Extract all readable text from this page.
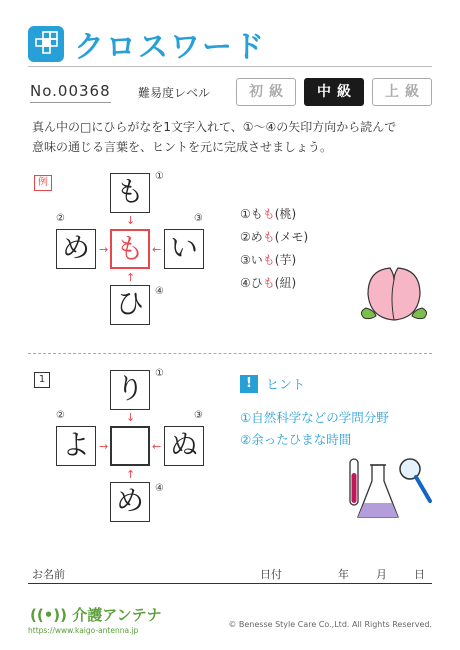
クロスワード
No.00368 難易度レベル	初級	中級	上級
真ん中の□にひらがなを1文字入れて、①～④の矢印方向から読んで
意味の通じる言葉を、ヒントを元に完成させましょう。
例 も
め も い
ひ
①
②	③
④
↓
→	←
↑
①もも(桃)
②めも(メモ)
③いも(芋)
④ひも(紐)
1	り
よ	ぬ
め
①
②	③
④
↓
→	←
↑
!	ヒント
①自然科学などの学問分野
②余ったひまな時間
お名前	日付	年 月 日
((•)) 介護アンテナ
https://www.kaigo-antenna.jp
© Benesse Style Care Co.,Ltd. All Rights Reserved.
